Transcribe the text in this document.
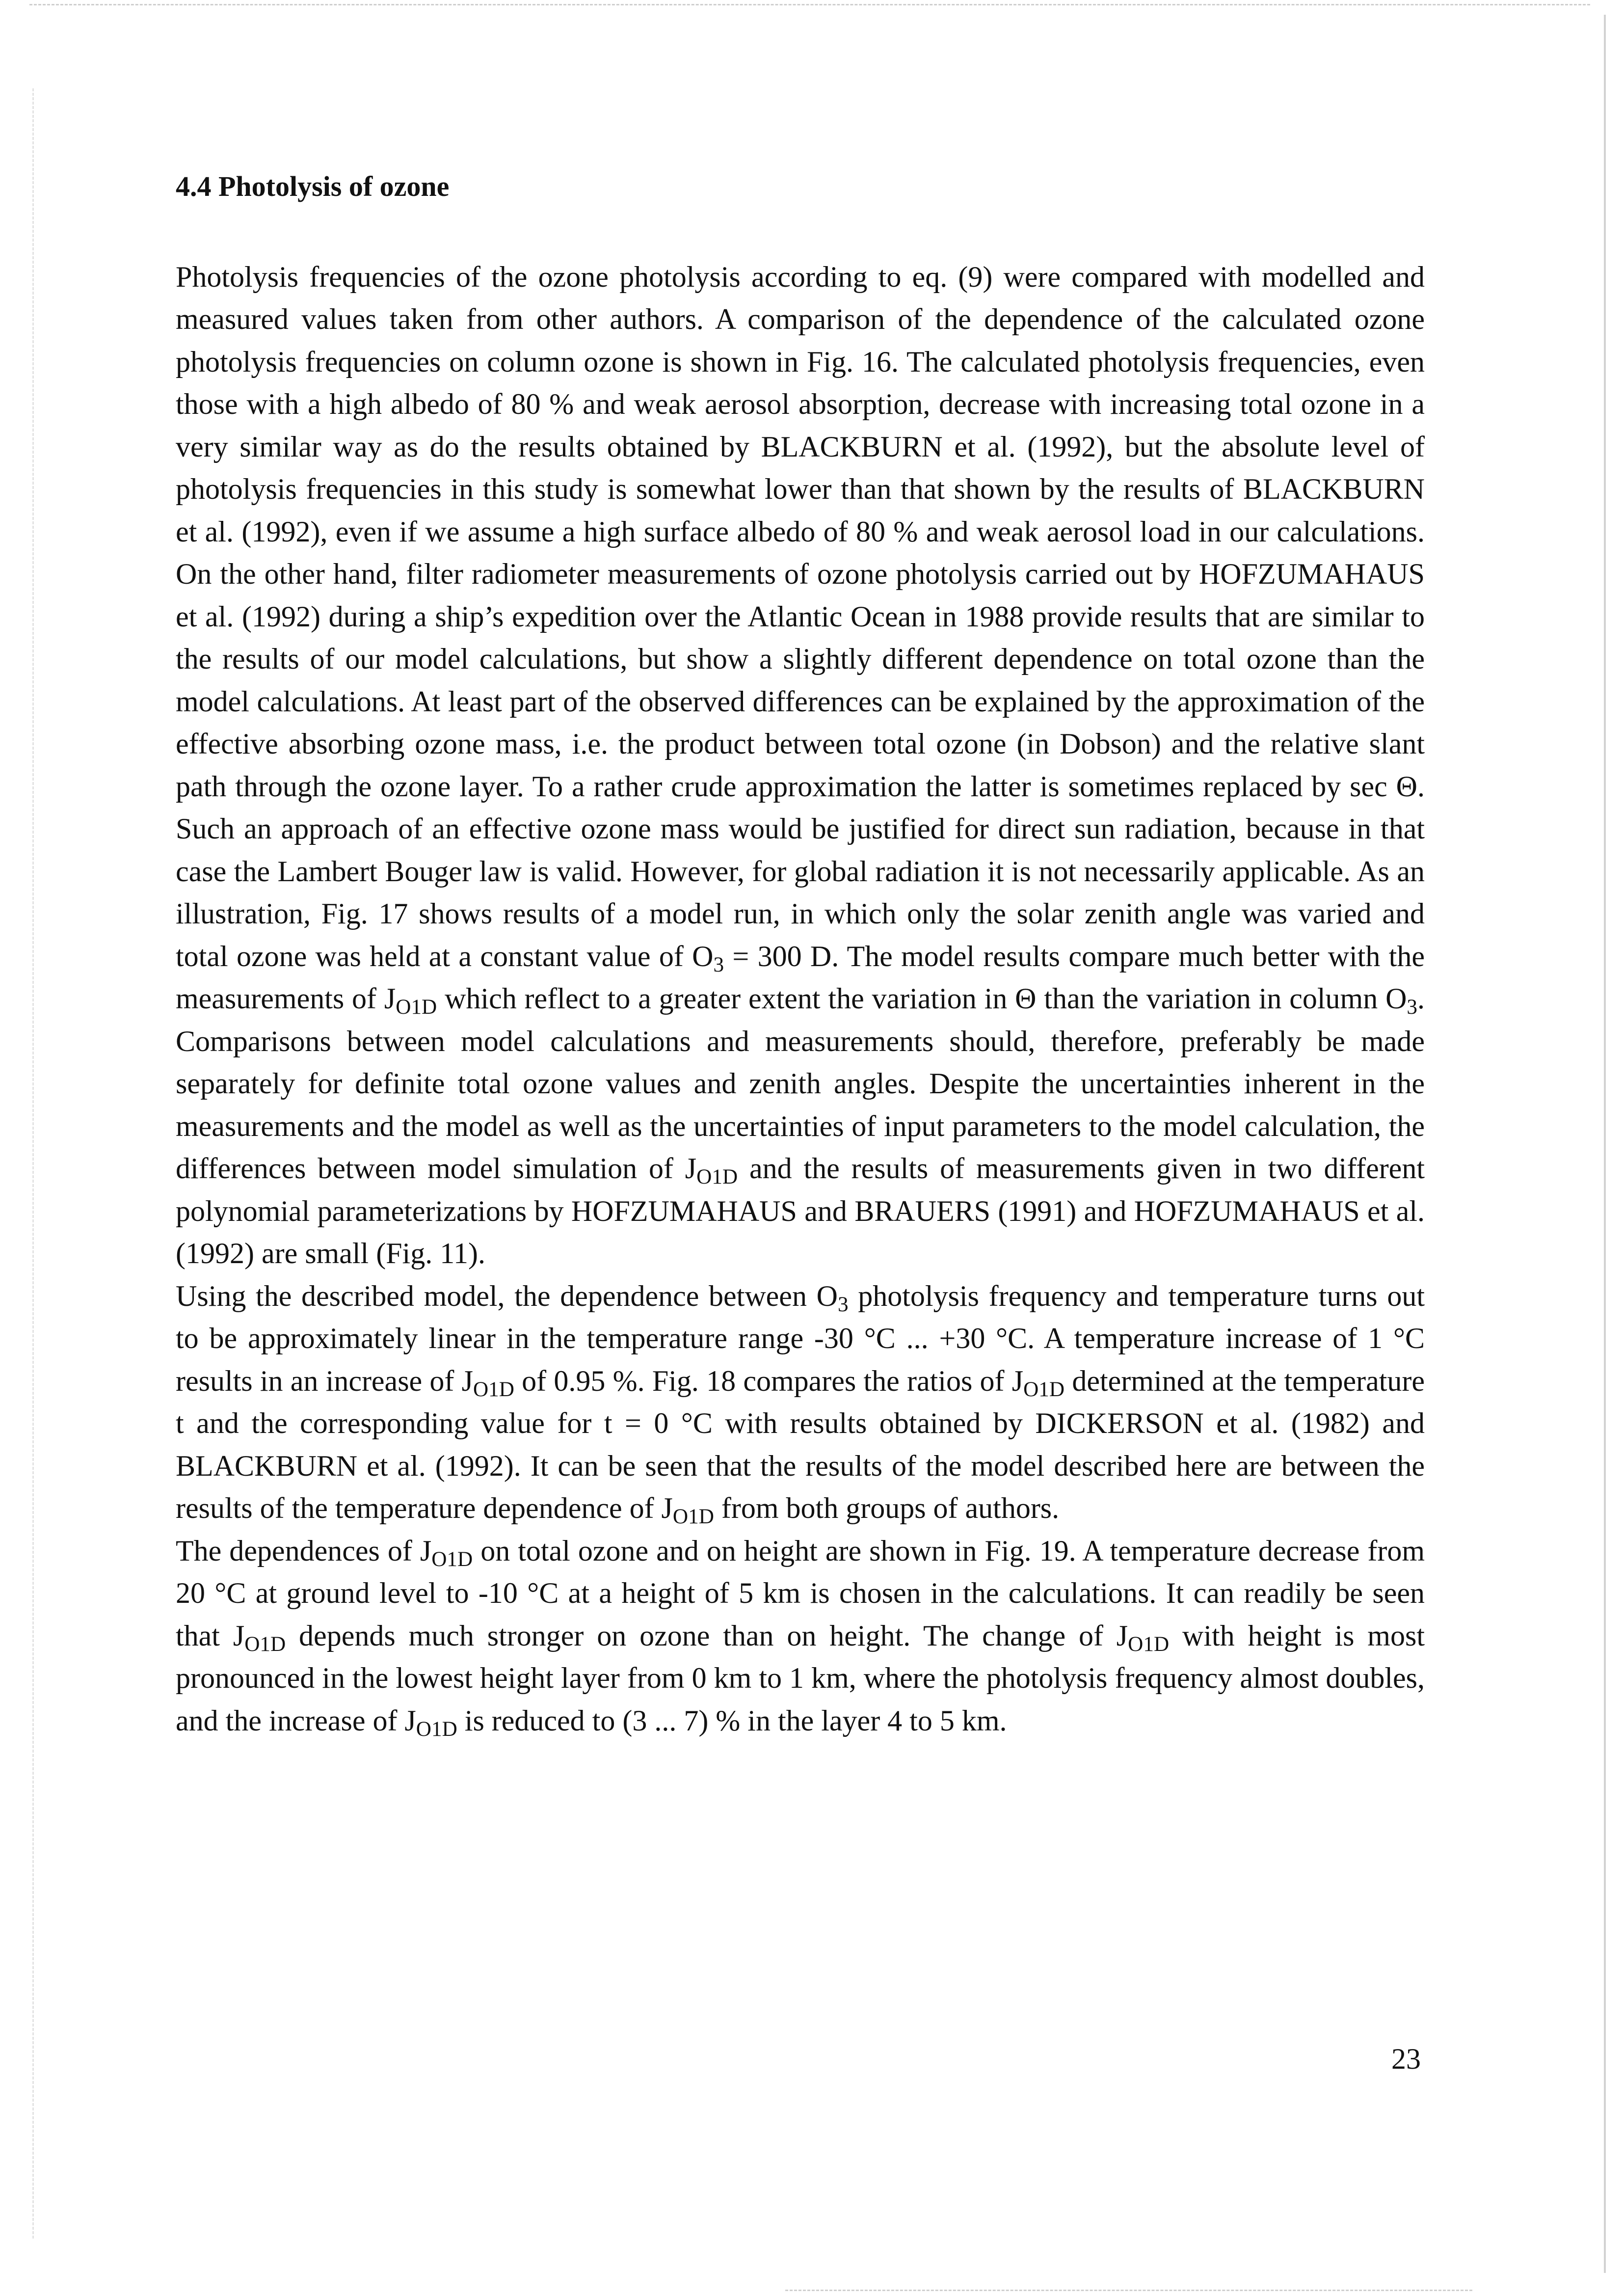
4.4 Photolysis of ozone

Photolysis frequencies of the ozone photolysis according to eq. (9) were compared with modelled and measured values taken from other authors. A comparison of the dependence of the calculated ozone photolysis frequencies on column ozone is shown in Fig. 16. The calculated photolysis frequencies, even those with a high albedo of 80 % and weak aerosol absorption, decrease with increasing total ozone in a very similar way as do the results obtained by BLACKBURN et al. (1992), but the absolute level of photolysis frequencies in this study is somewhat lower than that shown by the results of BLACKBURN et al. (1992), even if we assume a high surface albedo of 80 % and weak aerosol load in our calculations. On the other hand, filter radiometer measurements of ozone photolysis carried out by HOFZUMAHAUS et al. (1992) during a ship’s expedition over the Atlantic Ocean in 1988 provide results that are similar to the results of our model calculations, but show a slightly different dependence on total ozone than the model calculations. At least part of the observed differences can be explained by the approximation of the effective absorbing ozone mass, i.e. the product between total ozone (in Dobson) and the relative slant path through the ozone layer. To a rather crude approximation the latter is sometimes replaced by sec Θ. Such an approach of an effective ozone mass would be justified for direct sun radiation, because in that case the Lambert Bouger law is valid. However, for global radiation it is not necessarily applicable. As an illustration, Fig. 17 shows results of a model run, in which only the solar zenith angle was varied and total ozone was held at a constant value of $O_3 = 300$ D. The model results compare much better with the measurements of $J_{O1D}$ which reflect to a greater extent the variation in Θ than the variation in column $O_3$. Comparisons between model calculations and measurements should, therefore, preferably be made separately for definite total ozone values and zenith angles. Despite the uncertainties inherent in the measurements and the model as well as the uncertainties of input parameters to the model calculation, the differences between model simulation of $J_{O1D}$ and the results of measurements given in two different polynomial parameterizations by HOFZUMAHAUS and BRAUERS (1991) and HOFZUMAHAUS et al. (1992) are small (Fig. 11).

Using the described model, the dependence between $O_3$ photolysis frequency and temperature turns out to be approximately linear in the temperature range -30 °C ... +30 °C. A temperature increase of 1 °C results in an increase of $J_{O1D}$ of 0.95 %. Fig. 18 compares the ratios of $J_{O1D}$ determined at the temperature t and the corresponding value for t = 0 °C with results obtained by DICKERSON et al. (1982) and BLACKBURN et al. (1992). It can be seen that the results of the model described here are between the results of the temperature dependence of $J_{O1D}$ from both groups of authors.

The dependences of $J_{O1D}$ on total ozone and on height are shown in Fig. 19. A temperature decrease from 20 °C at ground level to -10 °C at a height of 5 km is chosen in the calculations. It can readily be seen that $J_{O1D}$ depends much stronger on ozone than on height. The change of $J_{O1D}$ with height is most pronounced in the lowest height layer from 0 km to 1 km, where the photolysis frequency almost doubles, and the increase of $J_{O1D}$ is reduced to (3 ... 7) % in the layer 4 to 5 km.

23
